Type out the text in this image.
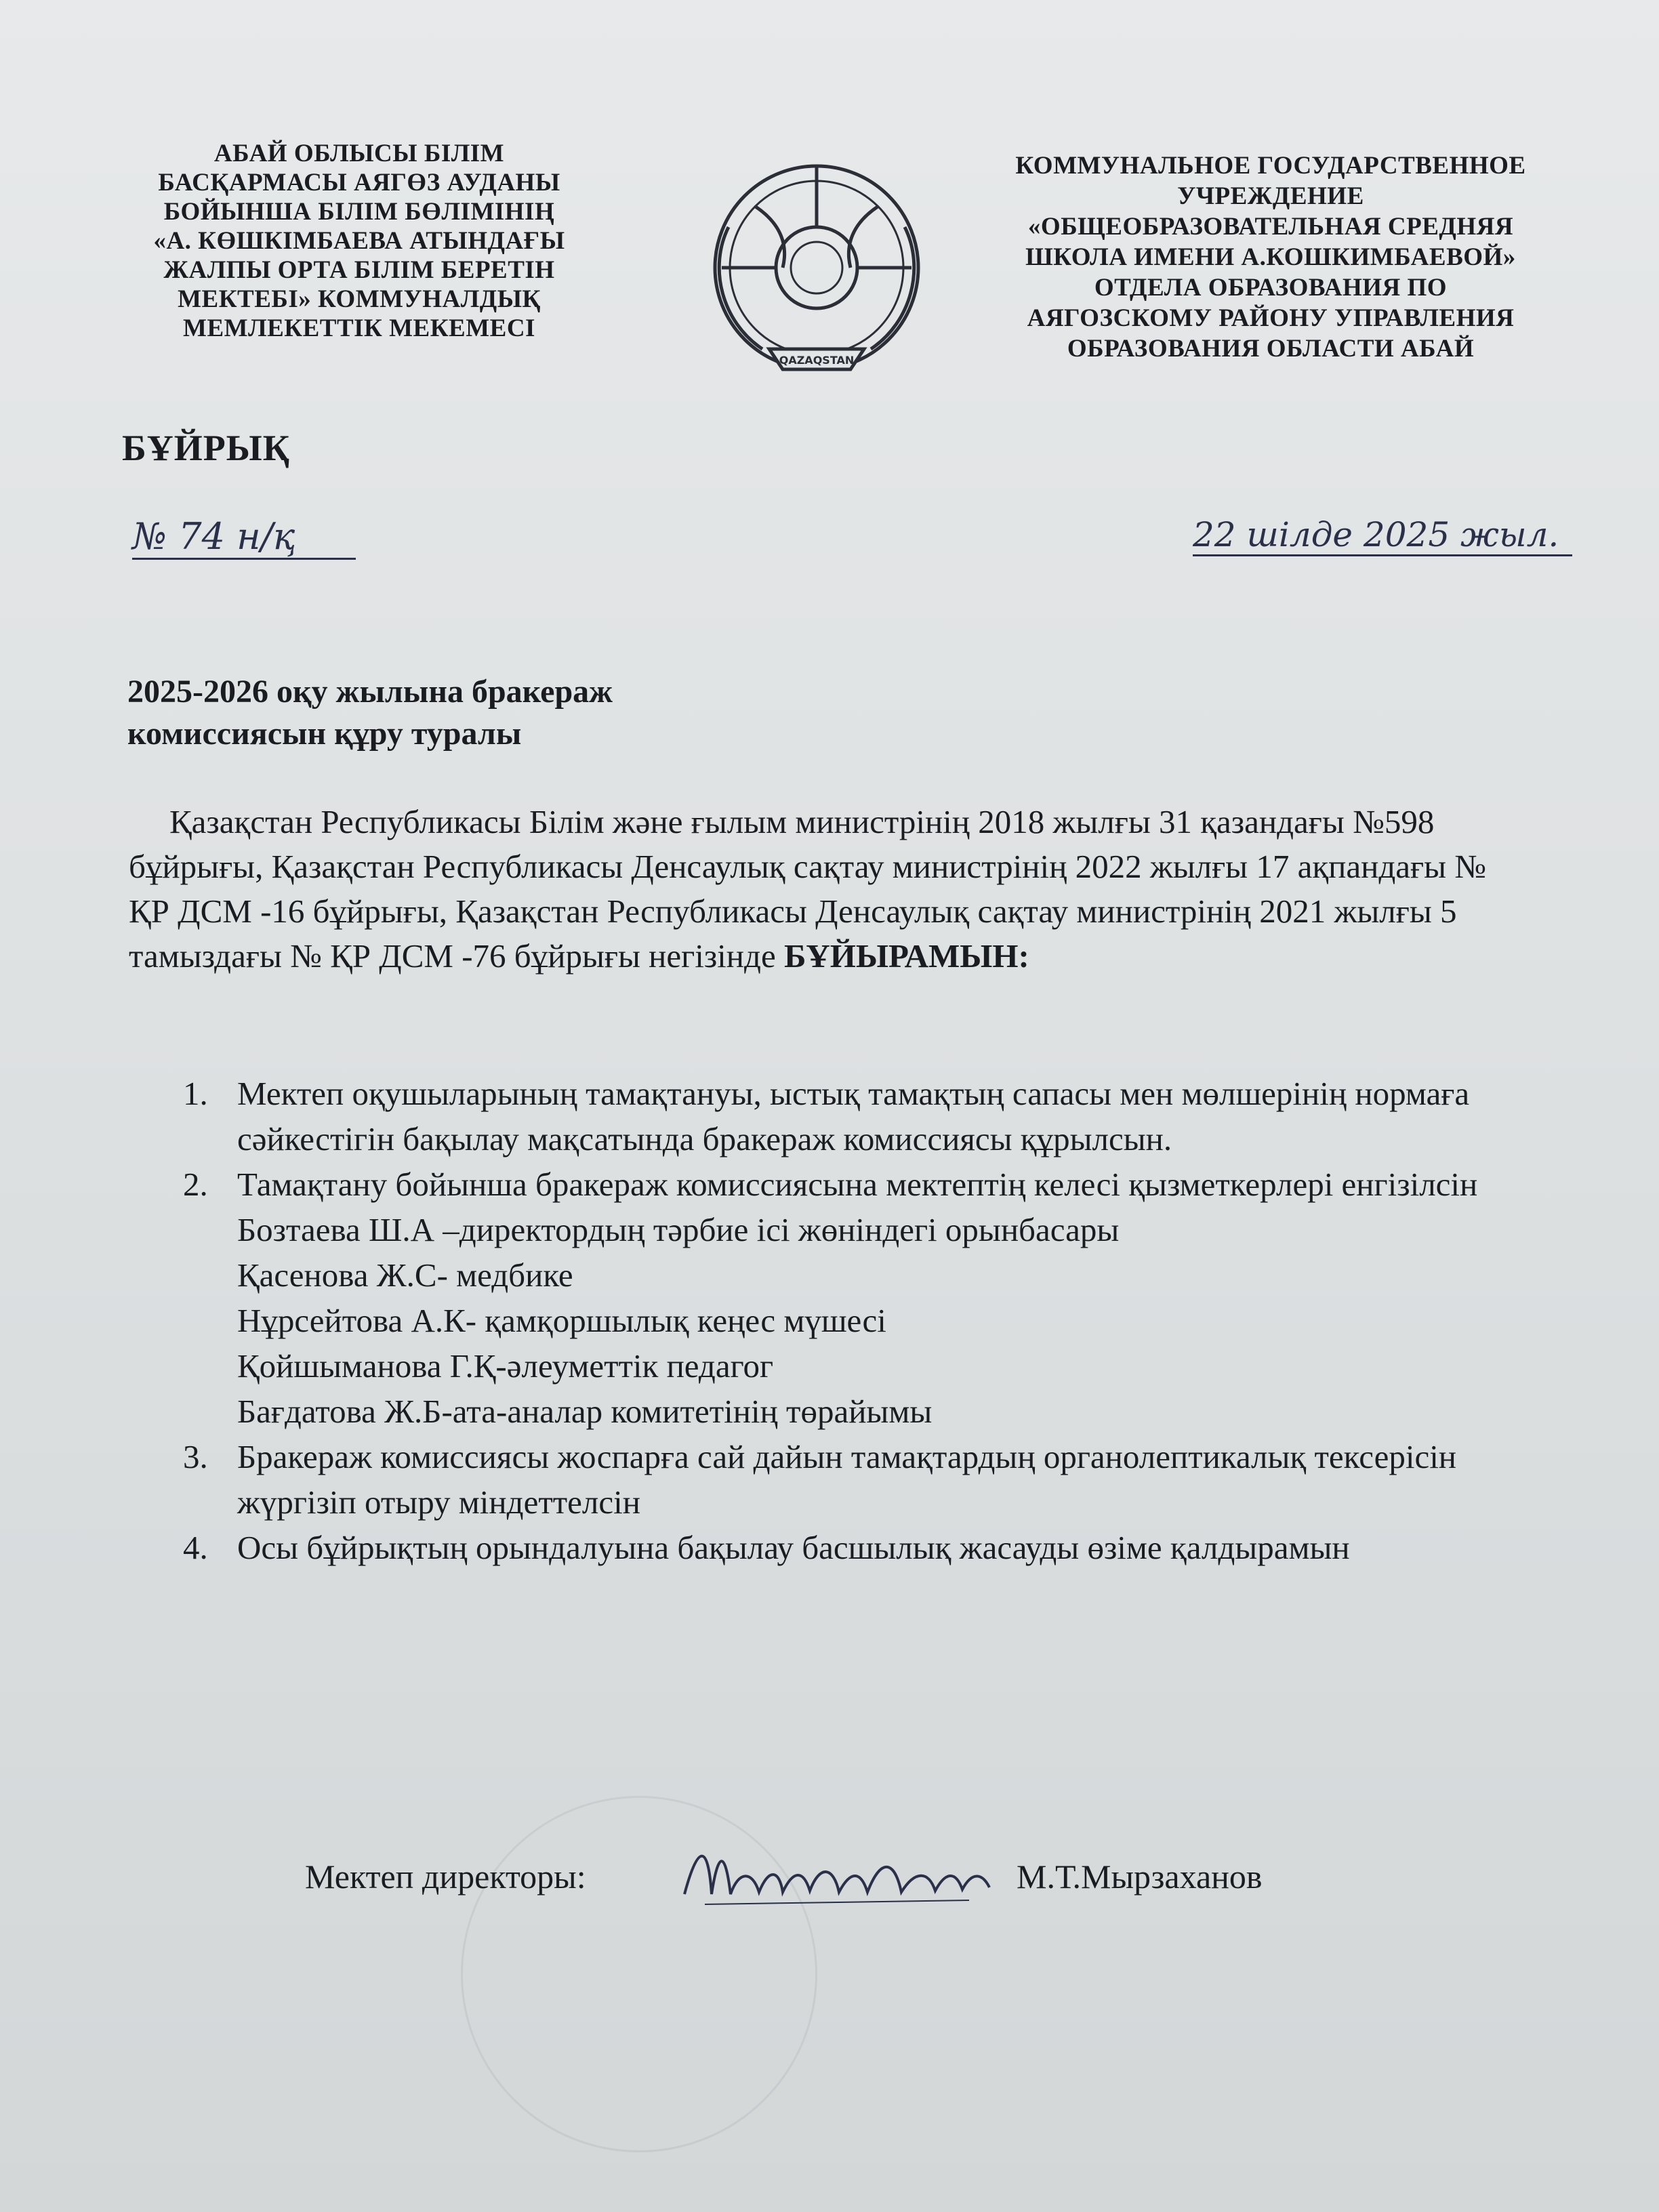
АБАЙ ОБЛЫСЫ БІЛІМ
БАСҚАРМАСЫ АЯГӨЗ АУДАНЫ
БОЙЫНША БІЛІМ БӨЛІМІНІҢ
«А. КӨШКІМБАЕВА АТЫНДАҒЫ
ЖАЛПЫ ОРТА БІЛІМ БЕРЕТІН
МЕКТЕБІ» КОММУНАЛДЫҚ
МЕМЛЕКЕТТІК МЕКЕМЕСІ
QAZAQSTAN
КОММУНАЛЬНОЕ ГОСУДАРСТВЕННОЕ
УЧРЕЖДЕНИЕ
«ОБЩЕОБРАЗОВАТЕЛЬНАЯ СРЕДНЯЯ
ШКОЛА ИМЕНИ А.КОШКИМБАЕВОЙ»
ОТДЕЛА ОБРАЗОВАНИЯ ПО
АЯГОЗСКОМУ РАЙОНУ УПРАВЛЕНИЯ
ОБРАЗОВАНИЯ ОБЛАСТИ АБАЙ
БҰЙРЫҚ
№ 74 н/қ	22 шілде 2025 жыл.
2025-2026 оқу жылына бракераж
комиссиясын құру туралы
Қазақстан Республикасы Білім және ғылым министрінің 2018 жылғы 31 қазандағы №598 бұйрығы, Қазақстан Республикасы Денсаулық сақтау министрінің 2022 жылғы 17 ақпандағы № ҚР ДСМ -16 бұйрығы, Қазақстан Республикасы Денсаулық сақтау министрінің 2021 жылғы 5 тамыздағы № ҚР ДСМ -76 бұйрығы негізінде БҰЙЫРАМЫН:
1. Мектеп оқушыларының тамақтануы, ыстық тамақтың сапасы мен мөлшерінің нормаға сәйкестігін бақылау мақсатында бракераж комиссиясы құрылсын.
2. Тамақтану бойынша бракераж комиссиясына мектептің келесі қызметкерлері енгізілсін
Бозтаева Ш.А –директордың тәрбие ісі жөніндегі орынбасары
Қасенова Ж.С- медбике
Нұрсейтова А.К- қамқоршылық кеңес мүшесі
Қойшыманова Г.Қ-әлеуметтік педагог
Бағдатова Ж.Б-ата-аналар комитетінің төрайымы
3. Бракераж комиссиясы жоспарға сай дайын тамақтардың органолептикалық тексерісін жүргізіп отыру міндеттелсін
4. Осы бұйрықтың орындалуына бақылау басшылық жасауды өзіме қалдырамын
Мектеп директоры:	М.Т.Мырзаханов
